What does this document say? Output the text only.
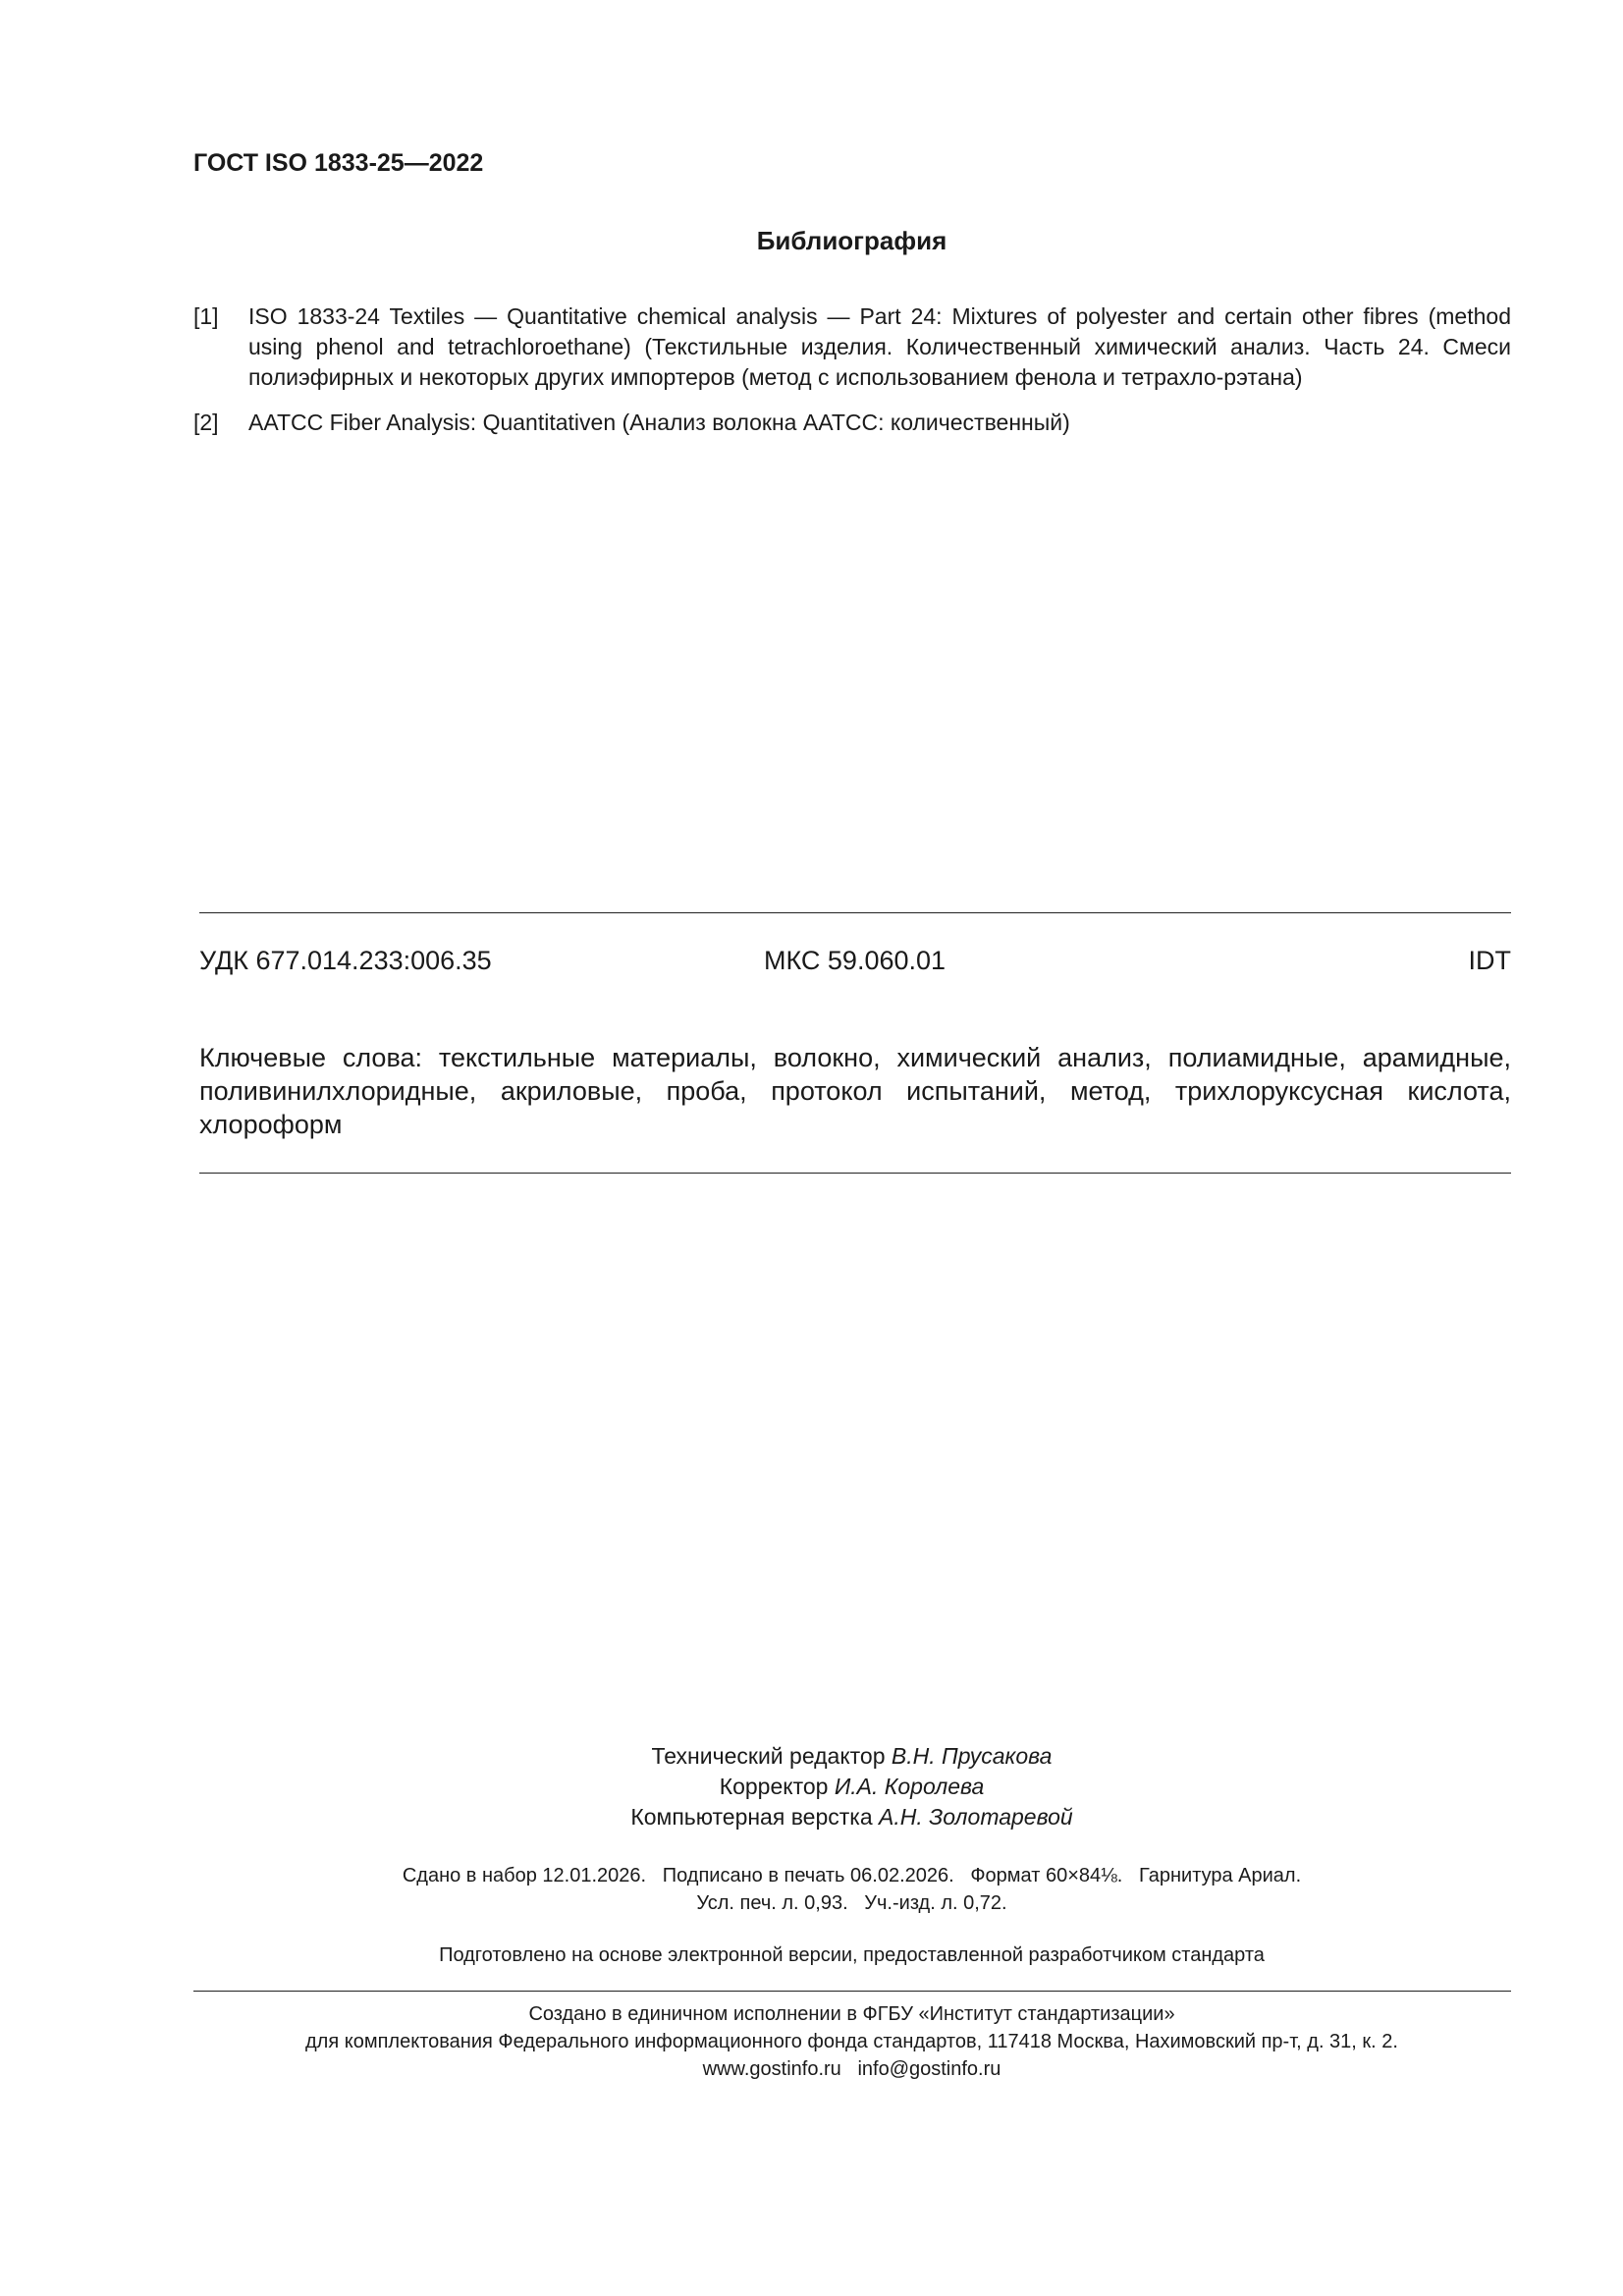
ГОСТ ISO 1833-25—2022
Библиография
[1]	ISO 1833-24 Textiles — Quantitative chemical analysis — Part 24: Mixtures of polyester and certain other fibres (method using phenol and tetrachloroethane) (Текстильные изделия. Количественный химический анализ. Часть 24. Смеси полиэфирных и некоторых других импортеров (метод с использованием фенола и тетрахло-рэтана)
[2]	AATCC Fiber Analysis: Quantitativen (Анализ волокна AATCC: количественный)
УДК 677.014.233:006.35	МКС 59.060.01	IDT
Ключевые слова: текстильные материалы, волокно, химический анализ, полиамидные, арамидные, поливинилхлоридные, акриловые, проба, протокол испытаний, метод, трихлоруксусная кислота, хлороформ
Технический редактор В.Н. Прусакова
Корректор И.А. Королева
Компьютерная верстка А.Н. Золотаревой
Сдано в набор 12.01.2026.   Подписано в печать 06.02.2026.   Формат 60×84⅛.   Гарнитура Ариал.
Усл. печ. л. 0,93.   Уч.-изд. л. 0,72.
Подготовлено на основе электронной версии, предоставленной разработчиком стандарта
Создано в единичном исполнении в ФГБУ «Институт стандартизации»
для комплектования Федерального информационного фонда стандартов, 117418 Москва, Нахимовский пр-т, д. 31, к. 2.
www.gostinfo.ru   info@gostinfo.ru
